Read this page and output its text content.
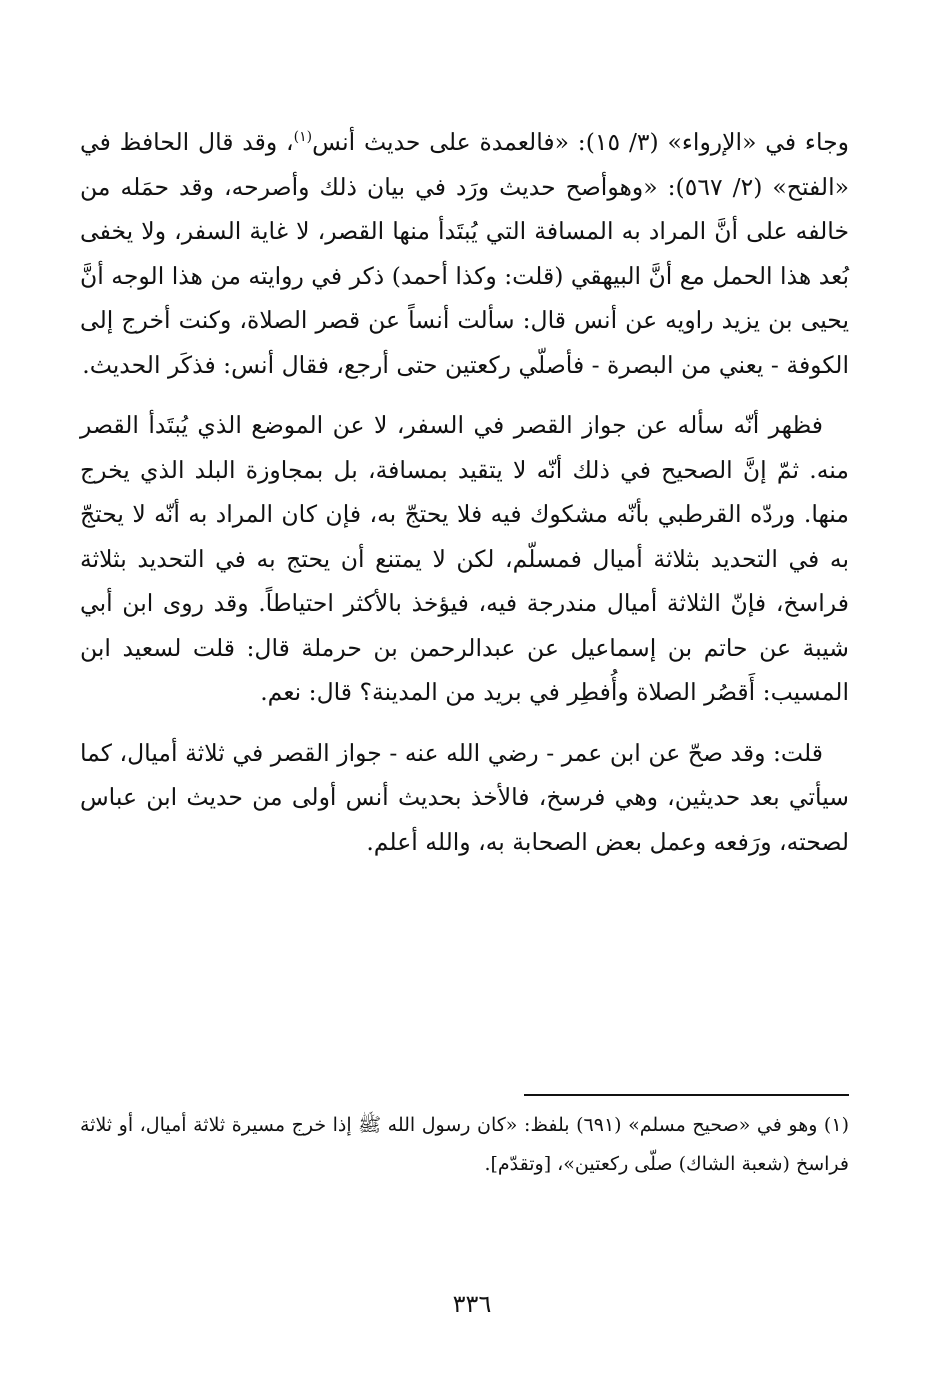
وجاء في «الإرواء» (٣/ ١٥): «فالعمدة على حديث أنس$^{(١)}$، وقد قال الحافظ في «الفتح» (٢/ ٥٦٧): «وهوأصح حديث ورَد في بيان ذلك وأصرحه، وقد حمَله من خالفه على أنَّ المراد به المسافة التي يُبتَدأ منها القصر، لا غاية السفر، ولا يخفى بُعد هذا الحمل مع أنَّ البيهقي (قلت: وكذا أحمد) ذكر في روايته من هذا الوجه أنَّ يحيى بن يزيد راويه عن أنس قال: سألت أنساً عن قصر الصلاة، وكنت أخرج إلى الكوفة - يعني من البصرة - فأصلّي ركعتين حتى أرجع، فقال أنس: فذكَر الحديث.

فظهر أنّه سأله عن جواز القصر في السفر، لا عن الموضع الذي يُبتَدأ القصر منه. ثمّ إنَّ الصحيح في ذلك أنّه لا يتقيد بمسافة، بل بمجاوزة البلد الذي يخرج منها. وردّه القرطبي بأنّه مشكوك فيه فلا يحتجّ به، فإن كان المراد به أنّه لا يحتجّ به في التحديد بثلاثة أميال فمسلّم، لكن لا يمتنع أن يحتج به في التحديد بثلاثة فراسخ، فإنّ الثلاثة أميال مندرجة فيه، فيؤخذ بالأكثر احتياطاً. وقد روى ابن أبي شيبة عن حاتم بن إسماعيل عن عبدالرحمن بن حرملة قال: قلت لسعيد ابن المسيب: أَقصُر الصلاة وأُفطِر في بريد من المدينة؟ قال: نعم.

قلت: وقد صحّ عن ابن عمر - رضي الله عنه - جواز القصر في ثلاثة أميال، كما سيأتي بعد حديثين، وهي فرسخ، فالأخذ بحديث أنس أولى من حديث ابن عباس لصحته، ورَفعه وعمل بعض الصحابة به، والله أعلم.

(١) وهو في «صحيح مسلم» (٦٩١) بلفظ: «كان رسول الله ﷺ إذا خرج مسيرة ثلاثة أميال، أو ثلاثة فراسخ (شعبة الشاك) صلّى ركعتين»، [وتقدّم].

٣٣٦
